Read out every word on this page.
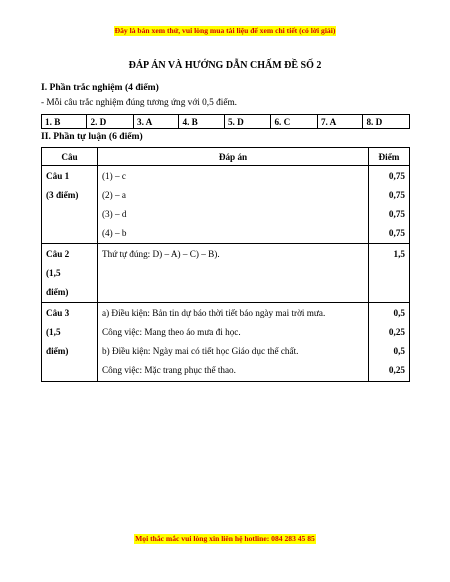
Đây là bản xem thử, vui lòng mua tài liệu để xem chi tiết (có lời giải)
ĐÁP ÁN VÀ HƯỚNG DẪN CHẤM ĐỀ SỐ 2
I. Phần trắc nghiệm (4 điểm)
- Mỗi câu trắc nghiệm đúng tương ứng với 0,5 điểm.
1. B	2. D	3. A	4. B	5. D	6. C	7. A	8. D
II. Phần tự luận (6 điểm)
Câu	Đáp án	Điểm

Câu 1
(3 điểm)	(1) – c
(2) – a
(3) – d
(4) – b	0,75
0,75
0,75
0,75

Câu 2
(1,5
điểm)	Thứ tự đúng: D) – A) – C) – B).	1,5

Câu 3
(1,5
điểm)	a) Điều kiện: Bản tin dự báo thời tiết báo ngày mai trời mưa.
Công việc: Mang theo áo mưa đi học.
b) Điều kiện: Ngày mai có tiết học Giáo dục thể chất.
Công việc: Mặc trang phục thể thao.	0,5
0,25
0,5
0,25
Mọi thắc mắc vui lòng xin liên hệ hotline: 084 283 45 85
